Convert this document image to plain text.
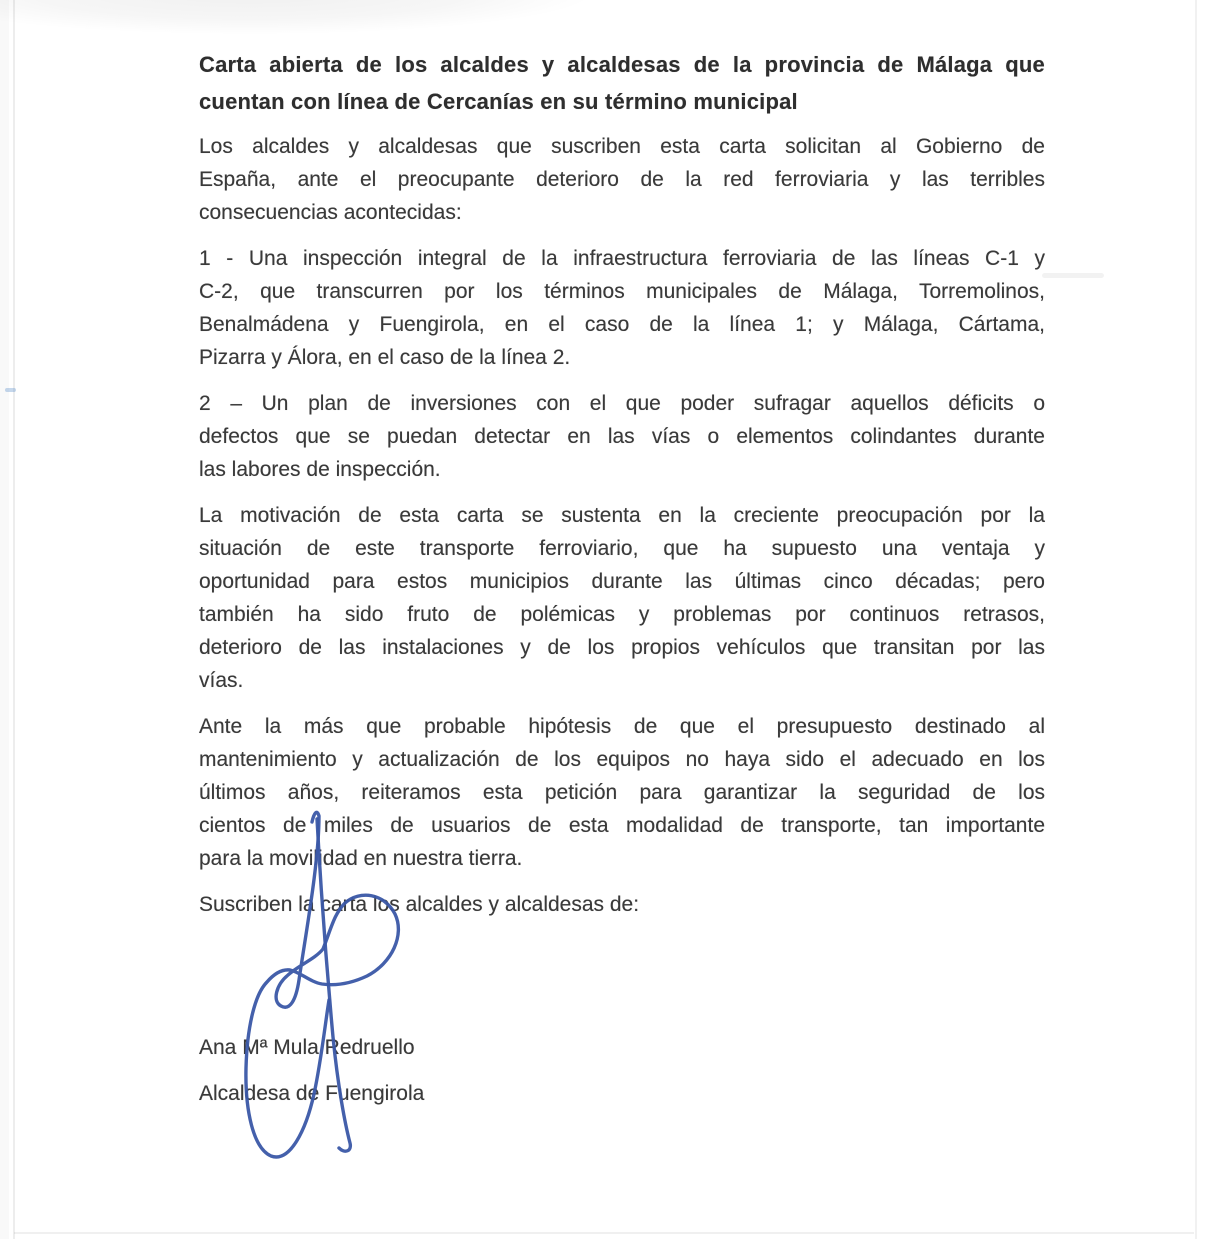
Carta abierta de los alcaldes y alcaldesas de la provincia de Málaga que
cuentan con línea de Cercanías en su término municipal
Los alcaldes y alcaldesas que suscriben esta carta solicitan al Gobierno de
España, ante el preocupante deterioro de la red ferroviaria y las terribles
consecuencias acontecidas:
1 - Una inspección integral de la infraestructura ferroviaria de las líneas C-1 y
C-2, que transcurren por los términos municipales de Málaga, Torremolinos,
Benalmádena y Fuengirola, en el caso de la línea 1; y Málaga, Cártama,
Pizarra y Álora, en el caso de la línea 2.
2 – Un plan de inversiones con el que poder sufragar aquellos déficits o
defectos que se puedan detectar en las vías o elementos colindantes durante
las labores de inspección.
La motivación de esta carta se sustenta en la creciente preocupación por la
situación de este transporte ferroviario, que ha supuesto una ventaja y
oportunidad para estos municipios durante las últimas cinco décadas; pero
también ha sido fruto de polémicas y problemas por continuos retrasos,
deterioro de las instalaciones y de los propios vehículos que transitan por las
vías.
Ante la más que probable hipótesis de que el presupuesto destinado al
mantenimiento y actualización de los equipos no haya sido el adecuado en los
últimos años, reiteramos esta petición para garantizar la seguridad de los
cientos de miles de usuarios de esta modalidad de transporte, tan importante
para la movilidad en nuestra tierra.
Suscriben la carta los alcaldes y alcaldesas de:
Ana Mª Mula Redruello
Alcaldesa de Fuengirola
